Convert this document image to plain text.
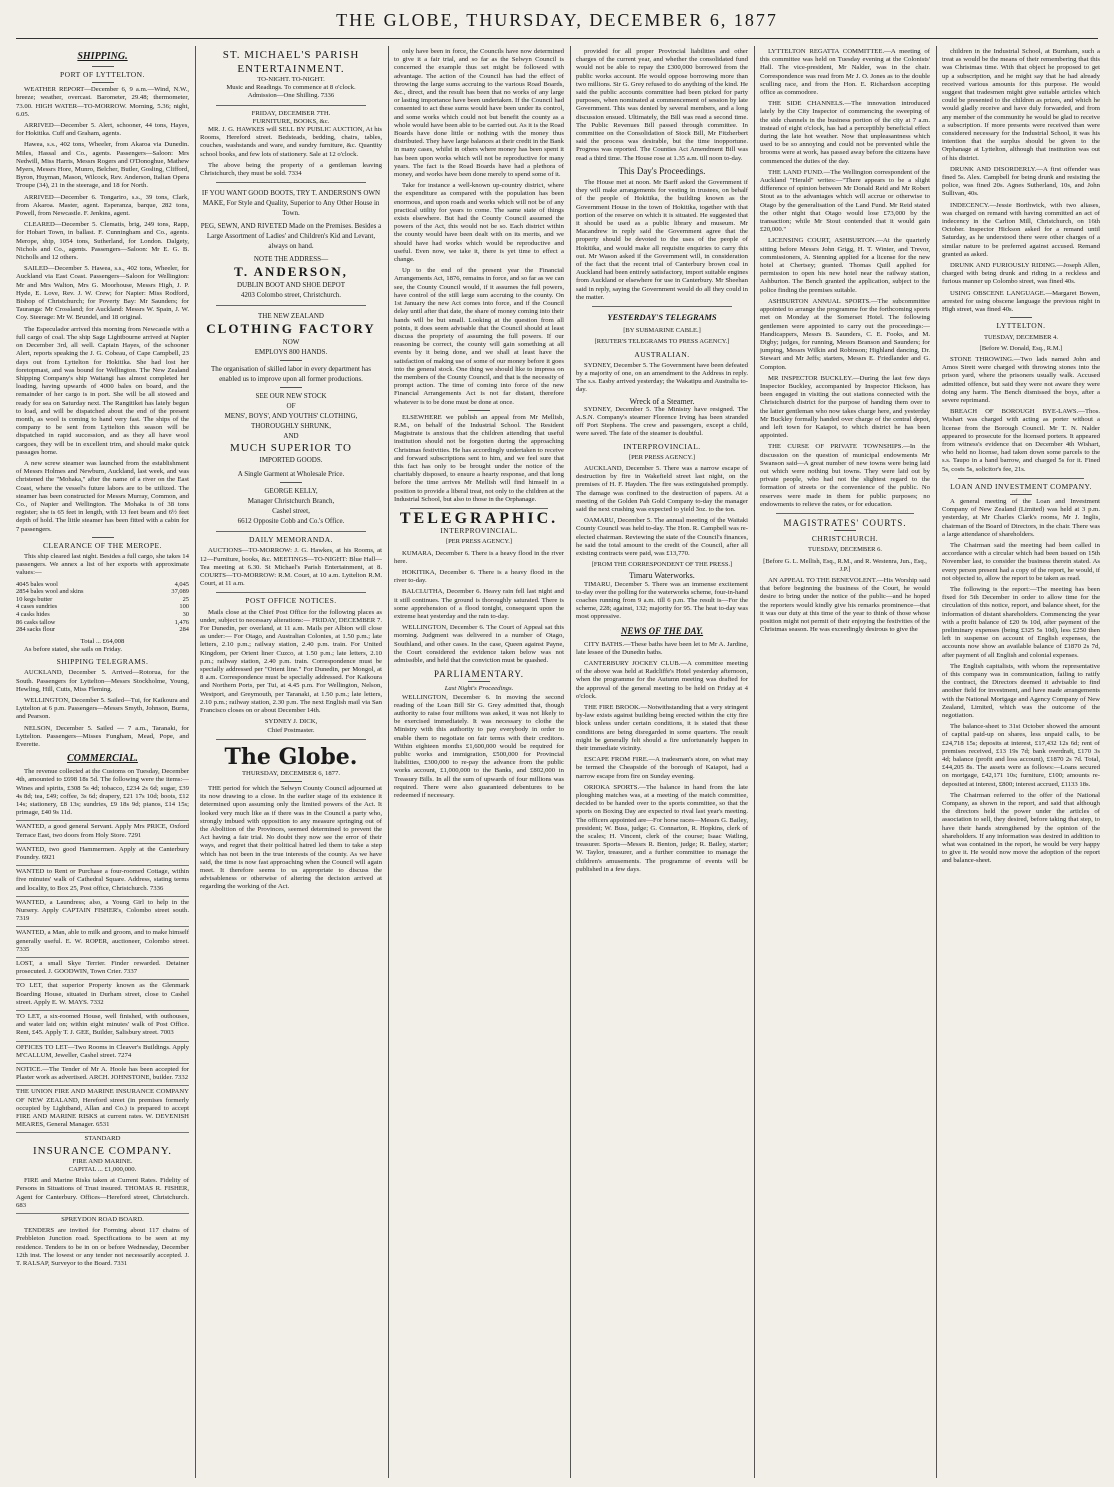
THE GLOBE, THURSDAY, DECEMBER 6, 1877
SHIPPING.
PORT OF LYTTELTON.

WEATHER REPORT—December 6, 9 a.m.—Wind, N.W., breeze; weather, overcast. Barometer, 29.48; thermometer, 73.00. HIGH WATER—TO-MORROW. Morning, 5.36; night, 6.05.

ARRIVED—December 5. Alert, schooner, 44 tons, Hayes, for Hokitika. Cuff and Graham, agents.

Hawea, s.s., 402 tons, Wheeler, from Akaroa via Dunedin. Miles, Hassal and Co., agents. Passengers—Saloon: Mrs Nedwill, Miss Harris, Messrs Rogers and O'Donoghue, Mathew Myers, Messrs Hore, Munro, Belcher, Butler, Gosling, Clifford, Byron, Huyman, Mason, Wilcock, Rev. Anderson, Italian Opera Troupe (34), 21 in the steerage, and 18 for North.

ARRIVED—December 6. Tongariro, s.s., 39 tons, Clark, from Akaroa. Master, agent. Esperanza, barque, 282 tons, Powell, from Newcastle. F. Jenkins, agent.

CLEARED—December 5. Clematis, brig, 249 tons, Rapp, for Hobart Town, in ballast. F. Cunningham and Co., agents. Merope, ship, 1054 tons, Sutherland, for London. Dalgety, Nichols and Co., agents. Passengers—Saloon: Mr E. G. B. Nicholls and 12 others.

SAILED—December 5. Hawea, s.s., 402 tons, Wheeler, for Auckland via East Coast. Passengers—Saloon for Wellington: Mr and Mrs Walton, Mrs G. Moorhouse, Messrs High, J. P. Hyde, E. Love, Rev. J. W. Crew; for Napier: Miss Rodford, Bishop of Christchurch; for Poverty Bay: Mr Saunders; for Tauranga: Mr Crossland; for Auckland: Messrs W. Spain, J. W. Coy. Steerage: Mr W. Brundel, and 18 original.

The Especulador arrived this morning from Newcastle with a full cargo of coal. The ship Sage Lightbourne arrived at Napier on December 3rd, all well. Captain Hayes, of the schooner Alert, reports speaking the J. G. Cobeau, of Cape Campbell, 23 days out from Lyttelton for Hokitika. She had lost her foretopmast, and was bound for Wellington. The New Zealand Shipping Company's ship Waitangi has almost completed her loading, having upwards of 4000 bales on board, and the remainder of her cargo is in port. She will be all stowed and ready for sea on Saturday next. The Rangitikei has lately begun to load, and will be dispatched about the end of the present month, as wool is coming to hand very fast. The ships of the company to be sent from Lyttelton this season will be dispatched in rapid succession, and as they all have wool cargoes, they will be in excellent trim, and should make quick passages home.

A new screw steamer was launched from the establishment of Messrs Holmes and Newburn, Auckland, last week, and was christened the "Mohaka," after the name of a river on the East Coast, where the vessel's future labors are to be utilized. The steamer has been constructed for Messrs Murray, Common, and Co., of Napier and Wellington. The Mohaka is of 38 tons register; she is 65 feet in length, with 13 feet beam and 6½ feet depth of hold. The little steamer has been fitted with a cabin for 7 passengers.

CLEARANCE OF THE MEROPE.

This ship cleared last night. Besides a full cargo, she takes 14 passengers. We annex a list of her exports with approximate values:—

4045 bales wool	4,045
2854 bales wool and skins	37,089
10 kegs butter	25
4 cases sundries	100
4 casks hides	30
86 casks tallow	1,476
284 sacks flour	284
Total ... £64,008

As before stated, she sails on Friday.

SHIPPING TELEGRAMS.

AUCKLAND, December 5. Arrived—Rotorua, for the South. Passengers for Lyttelton—Messrs Stockholme, Young, Hewling, Hill, Cutts, Miss Fleming.

WELLINGTON, December 5. Sailed—Tui, for Kaikoura and Lyttelton at 6 p.m. Passengers—Messrs Smyth, Johnson, Burns, and Pearson.

NELSON, December 5. Sailed — 7 a.m., Taranaki, for Lyttelton. Passengers—Misses Fungham, Mead, Pope, and Everette.

COMMERCIAL.

The revenue collected at the Customs on Tuesday, December 4th, amounted to £698 18s 5d. The following were the items:—Wines and spirits, £308 5s 4d; tobacco, £234 2s 6d; sugar, £39 4s 8d; tea, £49; coffee, 3s 6d; drapery, £21 17s 10d; boots, £12 14s; stationery, £8 13s; sundries, £9 18s 9d; pianos, £14 15s; primage, £40 9s 11d.

WANTED, a good general Servant. Apply Mrs PRICE, Oxford Terrace East, two doors from Holy Store. 7291
WANTED, two good Hammermen. Apply at the Canterbury Foundry. 6921
WANTED to Rent or Purchase a four-roomed Cottage, within five minutes' walk of Cathedral Square. Address, stating terms and locality, to Box 25, Post office, Christchurch. 7336
WANTED, a Laundress; also, a Young Girl to help in the Nursery. Apply CAPTAIN FISHER's, Colombo street south. 7319
WANTED, a Man, able to milk and groom, and to make himself generally useful. E. W. ROPER, auctioneer, Colombo street. 7335
LOST, a small Skye Terrier. Finder rewarded. Detainer prosecuted. J. GOODWIN, Town Crier. 7337
TO LET, that superior Property known as the Glenmark Boarding House, situated in Durham street, close to Cashel street. Apply E. W. MAYS. 7332
TO LET, a six-roomed House, well finished, with outhouses, and water laid on; within eight minutes' walk of Post Office. Rent, £45. Apply T. J. GEE, Builder, Salisbury street. 7003
OFFICES TO LET—Two Rooms in Cleaver's Buildings. Apply M'CALLUM, Jeweller, Cashel street. 7274
NOTICE.—The Tender of Mr A. Hoole has been accepted for Plaster work as advertised. ARCH. JOHNSTONE, builder. 7332
THE UNION FIRE AND MARINE INSURANCE COMPANY OF NEW ZEALAND, Hereford street (in premises formerly occupied by Lightband, Allan and Co.) is prepared to accept FIRE AND MARINE RISKS at current rates. W. DEVENISH MEARES, General Manager. 6531
STANDARD
INSURANCE COMPANY.
FIRE AND MARINE.
CAPITAL ... £1,000,000.

FIRE and Marine Risks taken at Current Rates. Fidelity of Persons in Situations of Trust insured. THOMAS R. FISHER, Agent for Canterbury. Offices—Hereford street, Christchurch. 683

SPREYDON ROAD BOARD.

TENDERS are invited for Forming about 117 chains of Prebbleton Junction road. Specifications to be seen at my residence. Tenders to be in on or before Wednesday, December 12th inst. The lowest or any tender not necessarily accepted. J. T. RALSAP, Surveyor to the Board. 7331

ST. MICHAEL'S PARISH ENTERTAINMENT.
TO-NIGHT. TO-NIGHT.
Music and Readings. To commence at 8 o'clock.
Admission—One Shilling. 7336
FRIDAY, DECEMBER 7TH.
FURNITURE, BOOKS, &c.

MR. J. G. HAWKES will SELL BY PUBLIC AUCTION, At his Rooms, Hereford street. Bedsteads, bedding, chairs, tables, couches, washstands and ware, and sundry furniture, &c. Quantity school books, and few lots of stationery. Sale at 12 o'clock.

The above being the property of a gentleman leaving Christchurch, they must be sold. 7334

IF YOU WANT GOOD BOOTS, TRY T. ANDERSON'S OWN MAKE, For Style and Quality, Superior to Any Other House in Town.
PEG, SEWN, AND RIVETED Made on the Premises. Besides a Large Assortment of Ladies' and Children's Kid and Levant, always on hand.
NOTE THE ADDRESS—
T. ANDERSON,
DUBLIN BOOT AND SHOE DEPOT
4203 Colombo street, Christchurch.
THE NEW ZEALAND
CLOTHING FACTORY
NOW
EMPLOYS 800 HANDS.
The organisation of skilled labor in every department has enabled us to improve upon all former productions.
SEE OUR NEW STOCK
OF
MENS', BOYS', AND YOUTHS' CLOTHING,
THOROUGHLY SHRUNK,
AND
MUCH SUPERIOR TO
IMPORTED GOODS.
A Single Garment at Wholesale Price.
GEORGE KELLY,
Manager Christchurch Branch,
Cashel street,
6612 Opposite Cobb and Co.'s Office.
DAILY MEMORANDA.

AUCTIONS—TO-MORROW: J. G. Hawkes, at his Rooms, at 12—Furniture, books, &c. MEETINGS—TO-NIGHT: Blue Hall—Tea meeting at 6.30. St Michael's Parish Entertainment, at 8. COURTS—TO-MORROW: R.M. Court, at 10 a.m. Lyttelton R.M. Court, at 11 a.m.

POST OFFICE NOTICES.

Mails close at the Chief Post Office for the following places as under, subject to necessary alterations:— FRIDAY, DECEMBER 7. For Dunedin, per overland, at 11 a.m. Mails per Albion will close as under:— For Otago, and Australian Colonies, at 1.50 p.m.; late letters, 2.10 p.m.; railway station, 2.40 p.m. train. For United Kingdom, per Orient liner Cuzco, at 1.50 p.m.; late letters, 2.10 p.m.; railway station, 2.40 p.m. train. Correspondence must be specially addressed per "Orient line." For Dunedin, per Mongol, at 8 a.m. Correspondence must be specially addressed. For Kaikoura and Northern Ports, per Tui, at 4.45 p.m. For Wellington, Nelson, Westport, and Greymouth, per Taranaki, at 1.50 p.m.; late letters, 2.10 p.m.; railway station, 2.30 p.m. The next English mail via San Francisco closes on or about December 14th.

SYDNEY J. DICK,
Chief Postmaster.
The Globe.
THURSDAY, DECEMBER 6, 1877.

THE period for which the Selwyn County Council adjourned at its now drawing to a close. In the earlier stage of its existence it determined upon assuming only the limited powers of the Act. It looked very much like as if there was in the Council a party who, strongly imbued with opposition to any measure springing out of the Abolition of the Provinces, seemed determined to prevent the Act having a fair trial. No doubt they now see the error of their ways, and regret that their political hatred led them to take a step which has not been in the true interests of the county. As we have said, the time is now fast approaching when the Council will again meet. It therefore seems to us appropriate to discuss the advisableness or otherwise of altering the decision arrived at regarding the working of the Act.

only have been in force, the Councils have now determined to give it a fair trial, and so far as the Selwyn Council is concerned the example thus set might be followed with advantage. The action of the Council has had the effect of throwing the large sums accruing to the various Road Boards, &c., direct, and the result has been that no works of any large or lasting importance have been undertaken. If the Council had consented to act these sums would have been under its control, and some works which could not but benefit the county as a whole would have been able to be carried out. As it is the Road Boards have done little or nothing with the money thus distributed. They have large balances at their credit in the Bank in many cases, whilst in others where money has been spent it has been upon works which will not be reproductive for many years. The fact is the Road Boards have had a plethora of money, and works have been done merely to spend some of it.

Take for instance a well-known up-country district, where the expenditure as compared with the population has been enormous, and upon roads and works which will not be of any practical utility for years to come. The same state of things exists elsewhere. But had the County Council assumed the powers of the Act, this would not be so. Each district within the county would have been dealt with on its merits, and we should have had works which would be reproductive and useful. Even now, we take it, there is yet time to effect a change.

Up to the end of the present year the Financial Arrangements Act, 1876, remains in force, and so far as we can see, the County Council would, if it assumes the full powers, have control of the still large sum accruing to the county. On 1st January the new Act comes into force, and if the Council delay until after that date, the share of money coming into their hands will be but small. Looking at the question from all points, it does seem advisable that the Council should at least discuss the propriety of assuming the full powers. If our reasoning be correct, the county will gain something at all events by it being done, and we shall at least have the satisfaction of making use of some of our money before it goes into the general stock. One thing we should like to impress on the members of the County Council, and that is the necessity of prompt action. The time of coming into force of the new Financial Arrangements Act is not far distant, therefore whatever is to be done must be done at once.

ELSEWHERE we publish an appeal from Mr Mellish, R.M., on behalf of the Industrial School. The Resident Magistrate is anxious that the children attending that useful institution should not be forgotten during the approaching Christmas festivities. He has accordingly undertaken to receive and forward subscriptions sent to him, and we feel sure that this fact has only to be brought under the notice of the charitably disposed, to ensure a hearty response, and that long before the time arrives Mr Mellish will find himself in a position to provide a liberal treat, not only to the children at the Industrial School, but also to those in the Orphanage.

TELEGRAPHIC.
INTERPROVINCIAL.
[PER PRESS AGENCY.]

KUMARA, December 6. There is a heavy flood in the river here.

HOKITIKA, December 6. There is a heavy flood in the river to-day.

BALCLUTHA, December 6. Heavy rain fell last night and it still continues. The ground is thoroughly saturated. There is some apprehension of a flood tonight, consequent upon the extreme heat yesterday and the rain to-day.

WELLINGTON, December 6. The Court of Appeal sat this morning. Judgment was delivered in a number of Otago, Southland, and other cases. In the case, Queen against Payne, the Court considered the evidence taken below was not admissible, and held that the conviction must be quashed.

PARLIAMENTARY.
Last Night's Proceedings.

WELLINGTON, December 6. In moving the second reading of the Loan Bill Sir G. Grey admitted that, though authority to raise four millions was asked, it was not likely to be exercised immediately. It was necessary to clothe the Ministry with this authority to pay everybody in order to enable them to negotiate on fair terms with their creditors. Within eighteen months £1,600,000 would be required for public works and immigration, £500,000 for Provincial liabilities, £300,000 to re-pay the advance from the public works account, £1,000,000 to the Banks, and £802,000 in Treasury Bills. In all the sum of upwards of four millions was required. There were also guaranteed debentures to be redeemed if necessary.

provided for all proper Provincial liabilities and other charges of the current year, and whether the consolidated fund would not be able to repay the £300,000 borrowed from the public works account. He would oppose borrowing more than two millions. Sir G. Grey refused to do anything of the kind. He said the public accounts committee had been picked for party purposes, when nominated at commencement of session by late Government. This was denied by several members, and a long discussion ensued. Ultimately, the Bill was read a second time. The Public Revenues Bill passed through committee. In committee on the Consolidation of Stock Bill, Mr Fitzherbert said the process was desirable, but the time inopportune. Progress was reported. The Counties Act Amendment Bill was read a third time. The House rose at 1.35 a.m. till noon to-day.

This Day's Proceedings.

The House met at noon. Mr Barff asked the Government if they will make arrangements for vesting in trustees, on behalf of the people of Hokitika, the building known as the Government House in the town of Hokitika, together with that portion of the reserve on which it is situated. He suggested that it should be used as a public library and museum. Mr Macandrew in reply said the Government agree that the property should be devoted to the uses of the people of Hokitika, and would make all requisite enquiries to carry this out. Mr Wason asked if the Government will, in consideration of the fact that the recent trial of Canterbury brown coal in Auckland had been entirely satisfactory, import suitable engines from Auckland or elsewhere for use in Canterbury. Mr Sheehan said in reply, saying the Government would do all they could in the matter.

YESTERDAY'S TELEGRAMS
[BY SUBMARINE CABLE.]
[REUTER'S TELEGRAMS TO PRESS AGENCY.]
AUSTRALIAN.

SYDNEY, December 5. The Government have been defeated by a majority of one, on an amendment to the Address in reply. The s.s. Easby arrived yesterday; the Wakatipu and Australia to-day.

Wreck of a Steamer.

SYDNEY, December 5. The Ministry have resigned. The A.S.N. Company's steamer Florence Irving has been stranded off Port Stephens. The crew and passengers, except a child, were saved. The fate of the steamer is doubtful.

INTERPROVINCIAL.
[PER PRESS AGENCY.]

AUCKLAND, December 5. There was a narrow escape of destruction by fire in Wakefield street last night, on the premises of H. F. Hayden. The fire was extinguished promptly. The damage was confined to the destruction of papers. At a meeting of the Golden Pah Gold Company to-day the manager said the next crushing was expected to yield 3oz. to the ton.

OAMARU, December 5. The annual meeting of the Waitaki County Council was held to-day. The Hon. R. Campbell was re-elected chairman. Reviewing the state of the Council's finances, he said the total amount to the credit of the Council, after all existing contracts were paid, was £13,770.

[FROM THE CORRESPONDENT OF THE PRESS.]
Timaru Waterworks.

TIMARU, December 5. There was an immense excitement to-day over the polling for the waterworks scheme, four-in-hand coaches running from 9 a.m. till 6 p.m. The result is—For the scheme, 228; against, 132; majority for 95. The heat to-day was most oppressive.

NEWS OF THE DAY.

CITY BATHS.—These baths have been let to Mr A. Jardine, late lessee of the Dunedin baths.

CANTERBURY JOCKEY CLUB.—A committee meeting of the above was held at Radcliffe's Hotel yesterday afternoon, when the programme for the Autumn meeting was drafted for the approval of the general meeting to be held on Friday at 4 o'clock.

THE FIRE BROOK.—Notwithstanding that a very stringent by-law exists against building being erected within the city fire block unless under certain conditions, it is stated that these conditions are being disregarded in some quarters. The result might be generally felt should a fire unfortunately happen in their immediate vicinity.

ESCAPE FROM FIRE.—A tradesman's store, on what may be termed the Cheapside of the borough of Kaiapoi, had a narrow escape from fire on Sunday evening.

ORIOKA SPORTS.—The balance in hand from the late ploughing matches was, at a meeting of the match committee, decided to be handed over to the sports committee, so that the sports on Boxing Day are expected to rival last year's meeting. The officers appointed are—For horse races—Messrs G. Bailey, president; W. Buss, judge; G. Connarton, R. Hopkins, clerk of the scales; H. Vincent, clerk of the course; Isaac Watling, treasurer. Sports—Messrs R. Benton, judge; R. Bailey, starter; W. Taylor, treasurer, and a further committee to manage the children's amusements. The programme of events will be published in a few days.

LYTTELTON REGATTA COMMITTEE.—A meeting of this committee was held on Tuesday evening at the Colonists' Hall. The vice-president, Mr Nalder, was in the chair. Correspondence was read from Mr J. O. Jones as to the double sculling race, and from the Hon. E. Richardson accepting office as commodore.

THE SIDE CHANNELS.—The innovation introduced lately by the City Inspector of commencing the sweeping of the side channels in the business portion of the city at 7 a.m. instead of eight o'clock, has had a perceptibly beneficial effect during the late hot weather. Now that unpleasantness which used to be so annoying and could not be prevented while the brooms were at work, has passed away before the citizens have commenced the duties of the day.

THE LAND FUND.—The Wellington correspondent of the Auckland "Herald" writes:—"There appears to be a slight difference of opinion between Mr Donald Reid and Mr Robert Stout as to the advantages which will accrue or otherwise to Otago by the generalisation of the Land Fund. Mr Reid stated the other night that Otago would lose £73,000 by the transaction; while Mr Stout contended that it would gain £20,000."

LICENSING COURT, ASHBURTON.—At the quarterly sitting before Messrs John Grigg, H. T. Winter, and Trevor, commissioners, A. Stenning applied for a license for the new hotel at Chertsey; granted. Thomas Quill applied for permission to open his new hotel near the railway station, Ashburton. The Bench granted the application, subject to the police finding the premises suitable.

ASHBURTON ANNUAL SPORTS.—The subcommittee appointed to arrange the programme for the forthcoming sports met on Monday at the Somerset Hotel. The following gentlemen were appointed to carry out the proceedings:—Handicappers, Messrs B. Saunders, C. E. Fooks, and M. Digby; judges, for running, Messrs Branson and Saunders; for jumping, Messrs Wilkin and Robinson; Highland dancing, Dr. Stewart and Mr Jeffs; starters, Messrs E. Friedlander and G. Compton.

MR INSPECTOR BUCKLEY.—During the last few days Inspector Buckley, accompanied by Inspector Hickson, has been engaged in visiting the out stations connected with the Christchurch district for the purpose of handing them over to the latter gentleman who now takes charge here, and yesterday Mr Buckley formally handed over charge of the central depot, and left town for Kaiapoi, to which district he has been appointed.

THE CURSE OF PRIVATE TOWNSHIPS.—In the discussion on the question of municipal endowments Mr Swanson said—A great number of new towns were being laid out which were nothing but towns. They were laid out by private people, who had not the slightest regard to the formation of streets or the convenience of the public. No reserves were made in them for public purposes; no endowments to relieve the rates, or for education.

MAGISTRATES' COURTS.
CHRISTCHURCH.
TUESDAY, DECEMBER 6.
[Before G. L. Mellish, Esq., R.M., and R. Westenra, Jun., Esq., J.P.]

AN APPEAL TO THE BENEVOLENT.—His Worship said that before beginning the business of the Court, he would desire to bring under the notice of the public—and he hoped the reporters would kindly give his remarks prominence—that it was our duty at this time of the year to think of those whose position might not permit of their enjoying the festivities of the Christmas season. He was exceedingly desirous to give the

children in the Industrial School, at Burnham, such a treat as would be the means of their remembering that this was Christmas time. With that object he proposed to get up a subscription, and he might say that he had already received various amounts for this purpose. He would suggest that tradesmen might give suitable articles which could be presented to the children as prizes, and which he would gladly receive and have duly forwarded, and from any member of the community he would be glad to receive a subscription. If more presents were received than were considered necessary for the Industrial School, it was his intention that the surplus should be given to the Orphanage at Lyttelton, although that institution was out of his district.

DRUNK AND DISORDERLY.—A first offender was fined 5s. Alex. Campbell for being drunk and resisting the police, was fined 20s. Agnes Sutherland, 10s, and John Sullivan, 40s.

INDECENCY.—Jessie Borthwick, with two aliases, was charged on remand with having committed an act of indecency in the Carlton Mill, Christchurch, on 16th October. Inspector Hickson asked for a remand until Saturday, as he understood there were other charges of a similar nature to be preferred against accused. Remand granted as asked.

DRUNK AND FURIOUSLY RIDING.—Joseph Allen, charged with being drunk and riding in a reckless and furious manner up Colombo street, was fined 40s.

USING OBSCENE LANGUAGE.—Margaret Bowen, arrested for using obscene language the previous night in High street, was fined 40s.

LYTTELTON.
TUESDAY, DECEMBER 4.
[Before W. Donald, Esq., R.M.]

STONE THROWING.—Two lads named John and Amos Sirett were charged with throwing stones into the prison yard, where the prisoners usually walk. Accused admitted offence, but said they were not aware they were doing any harm. The Bench dismissed the boys, after a severe reprimand.

BREACH OF BOROUGH BYE-LAWS.—Thos. Wishart was charged with acting as porter without a license from the Borough Council. Mr T. N. Nalder appeared to prosecute for the licensed porters. It appeared from witness's evidence that on December 4th Wishart, who held no license, had taken down some parcels to the s.s. Taupo in a hand barrow, and charged 5s for it. Fined 5s, costs 5s, solicitor's fee, 21s.

LOAN AND INVESTMENT COMPANY.

A general meeting of the Loan and Investment Company of New Zealand (Limited) was held at 3 p.m. yesterday, at Mr Charles Clark's rooms, Mr J. Inglis, chairman of the Board of Directors, in the chair. There was a large attendance of shareholders.

The Chairman said the meeting had been called in accordance with a circular which had been issued on 15th November last, to consider the business therein stated. As every person present had a copy of the report, he would, if not objected to, allow the report to be taken as read.

The following is the report:—The meeting has been fixed for 5th December in order to allow time for the circulation of this notice, report, and balance sheet, for the information of distant shareholders. Commencing the year with a profit balance of £20 9s 10d, after payment of the preliminary expenses (being £325 5s 10d), less £250 then left in suspense on account of English expenses, the accounts now show an available balance of £1870 2s 7d, after payment of all English and colonial expenses.

The English capitalists, with whom the representative of this company was in communication, failing to ratify the contract, the Directors deemed it advisable to find another field for investment, and have made arrangements with the National Mortgage and Agency Company of New Zealand, Limited, which was the outcome of the negotiation.

The balance-sheet to 31st October showed the amount of capital paid-up on shares, less unpaid calls, to be £24,718 15s; deposits at interest, £17,432 12s 6d; rent of premises received, £13 19s 7d; bank overdraft, £170 3s 4d; balance (profit and loss account), £1870 2s 7d. Total, £44,205 8s. The assets were as follows:—Loans secured on mortgage, £42,171 10s; furniture, £100; amounts re-deposited at interest, £800; interest accrued, £1133 18s.

The Chairman referred to the offer of the National Company, as shown in the report, and said that although the directors held the power under the articles of association to sell, they desired, before taking that step, to have their hands strengthened by the opinion of the shareholders. If any information was desired in addition to what was contained in the report, he would be very happy to give it. He would now move the adoption of the report and balance-sheet.
